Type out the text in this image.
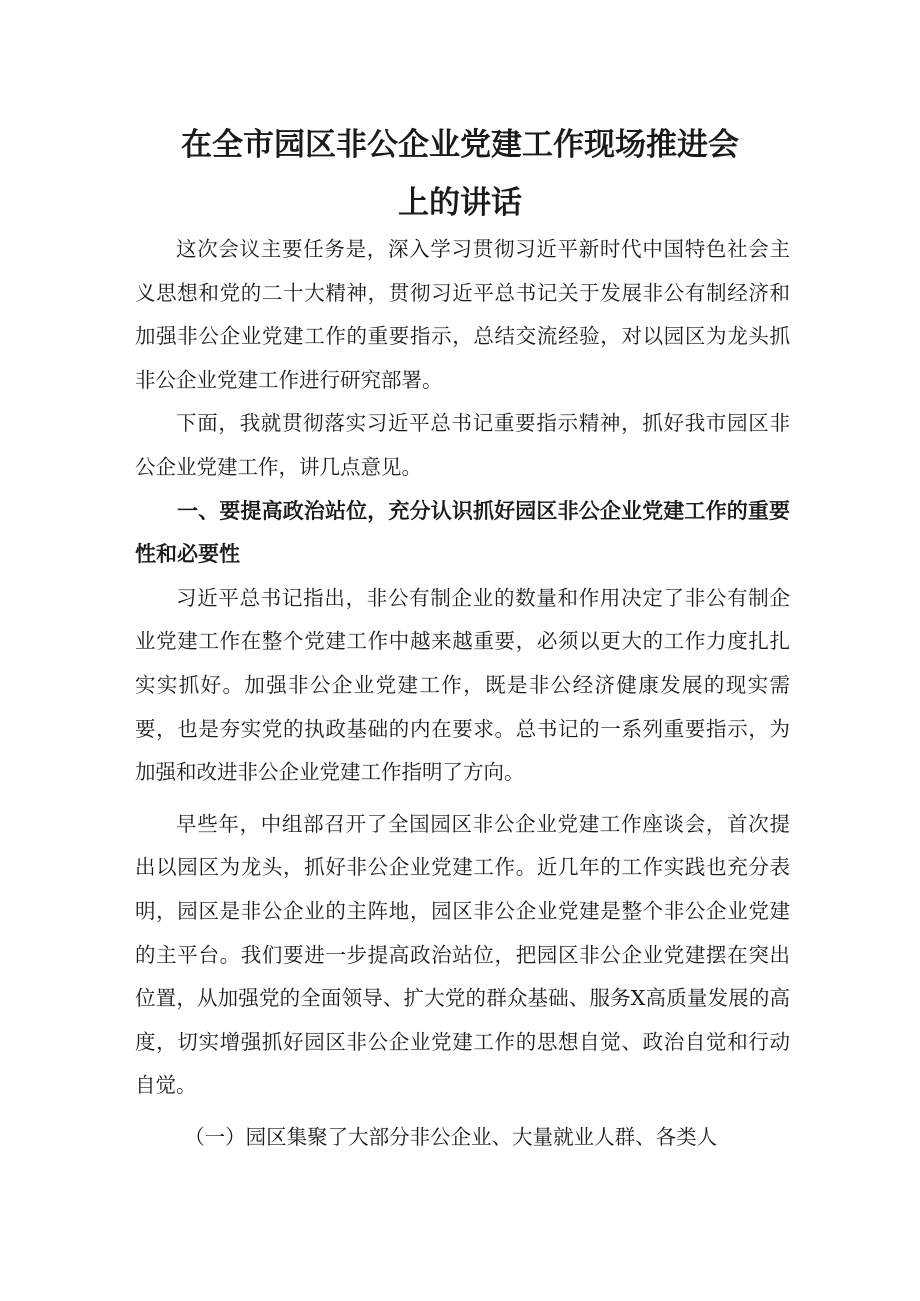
在全市园区非公企业党建工作现场推进会
上的讲话

这次会议主要任务是，深入学习贯彻习近平新时代中国特色社会主义思想和党的二十大精神，贯彻习近平总书记关于发展非公有制经济和加强非公企业党建工作的重要指示，总结交流经验，对以园区为龙头抓非公企业党建工作进行研究部署。

下面，我就贯彻落实习近平总书记重要指示精神，抓好我市园区非公企业党建工作，讲几点意见。

一、要提高政治站位，充分认识抓好园区非公企业党建工作的重要性和必要性

习近平总书记指出，非公有制企业的数量和作用决定了非公有制企业党建工作在整个党建工作中越来越重要，必须以更大的工作力度扎扎实实抓好。加强非公企业党建工作，既是非公经济健康发展的现实需要，也是夯实党的执政基础的内在要求。总书记的一系列重要指示，为加强和改进非公企业党建工作指明了方向。

早些年，中组部召开了全国园区非公企业党建工作座谈会，首次提出以园区为龙头，抓好非公企业党建工作。近几年的工作实践也充分表明，园区是非公企业的主阵地，园区非公企业党建是整个非公企业党建的主平台。我们要进一步提高政治站位，把园区非公企业党建摆在突出位置，从加强党的全面领导、扩大党的群众基础、服务X高质量发展的高度，切实增强抓好园区非公企业党建工作的思想自觉、政治自觉和行动自觉。

（一）园区集聚了大部分非公企业、大量就业人群、各类人
